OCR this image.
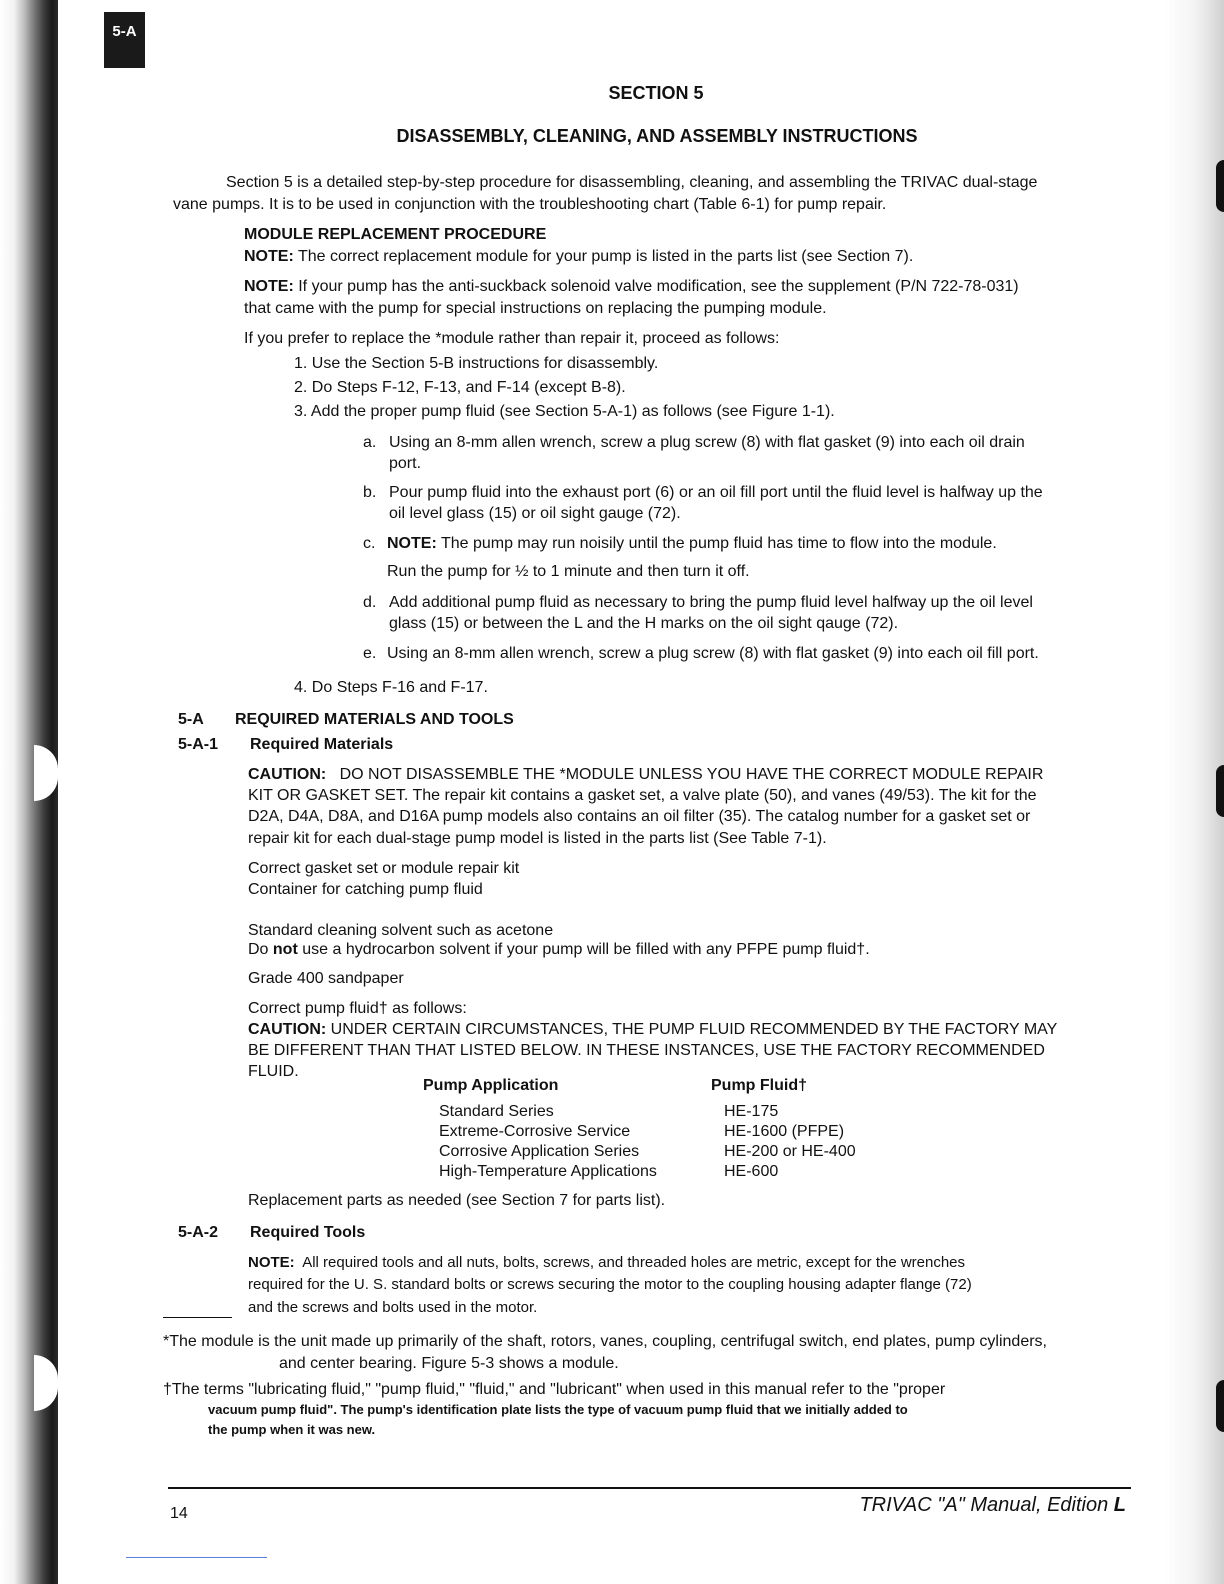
5-A
SECTION 5
DISASSEMBLY, CLEANING, AND ASSEMBLY INSTRUCTIONS
Section 5 is a detailed step-by-step procedure for disassembling, cleaning, and assembling the TRIVAC dual-stage
vane pumps. It is to be used in conjunction with the troubleshooting chart (Table 6-1) for pump repair.
MODULE REPLACEMENT PROCEDURE
NOTE: The correct replacement module for your pump is listed in the parts list (see Section 7).
NOTE: If your pump has the anti-suckback solenoid valve modification, see the supplement (P/N 722-78-031)
that came with the pump for special instructions on replacing the pumping module.
If you prefer to replace the *module rather than repair it, proceed as follows:
1. Use the Section 5-B instructions for disassembly.
2. Do Steps F-12, F-13, and F-14 (except B-8).
3. Add the proper pump fluid (see Section 5-A-1) as follows (see Figure 1-1).
a. Using an 8-mm allen wrench, screw a plug screw (8) with flat gasket (9) into each oil drain
port.
b. Pour pump fluid into the exhaust port (6) or an oil fill port until the fluid level is halfway up the
oil level glass (15) or oil sight gauge (72).
c. NOTE: The pump may run noisily until the pump fluid has time to flow into the module.
Run the pump for ½ to 1 minute and then turn it off.
d. Add additional pump fluid as necessary to bring the pump fluid level halfway up the oil level
glass (15) or between the L and the H marks on the oil sight qauge (72).
e. Using an 8-mm allen wrench, screw a plug screw (8) with flat gasket (9) into each oil fill port.
4. Do Steps F-16 and F-17.
5-A REQUIRED MATERIALS AND TOOLS
5-A-1 Required Materials
CAUTION: DO NOT DISASSEMBLE THE *MODULE UNLESS YOU HAVE THE CORRECT MODULE REPAIR
KIT OR GASKET SET. The repair kit contains a gasket set, a valve plate (50), and vanes (49/53). The kit for the
D2A, D4A, D8A, and D16A pump models also contains an oil filter (35). The catalog number for a gasket set or
repair kit for each dual-stage pump model is listed in the parts list (See Table 7-1).
Correct gasket set or module repair kit
Container for catching pump fluid
Standard cleaning solvent such as acetone
Do not use a hydrocarbon solvent if your pump will be filled with any PFPE pump fluid†.
Grade 400 sandpaper
Correct pump fluid† as follows:
CAUTION: UNDER CERTAIN CIRCUMSTANCES, THE PUMP FLUID RECOMMENDED BY THE FACTORY MAY
BE DIFFERENT THAN THAT LISTED BELOW. IN THESE INSTANCES, USE THE FACTORY RECOMMENDED
FLUID.
Pump Application	Pump Fluid†
Standard Series
Extreme-Corrosive Service
Corrosive Application Series
High-Temperature Applications
HE-175
HE-1600 (PFPE)
HE-200 or HE-400
HE-600
Replacement parts as needed (see Section 7 for parts list).
5-A-2 Required Tools
NOTE: All required tools and all nuts, bolts, screws, and threaded holes are metric, except for the wrenches
required for the U. S. standard bolts or screws securing the motor to the coupling housing adapter flange (72)
and the screws and bolts used in the motor.
*The module is the unit made up primarily of the shaft, rotors, vanes, coupling, centrifugal switch, end plates, pump cylinders,
and center bearing. Figure 5-3 shows a module.
†The terms "lubricating fluid," "pump fluid," "fluid," and "lubricant" when used in this manual refer to the "proper
vacuum pump fluid". The pump's identification plate lists the type of vacuum pump fluid that we initially added to
the pump when it was new.
14	TRIVAC "A" Manual, Edition L
